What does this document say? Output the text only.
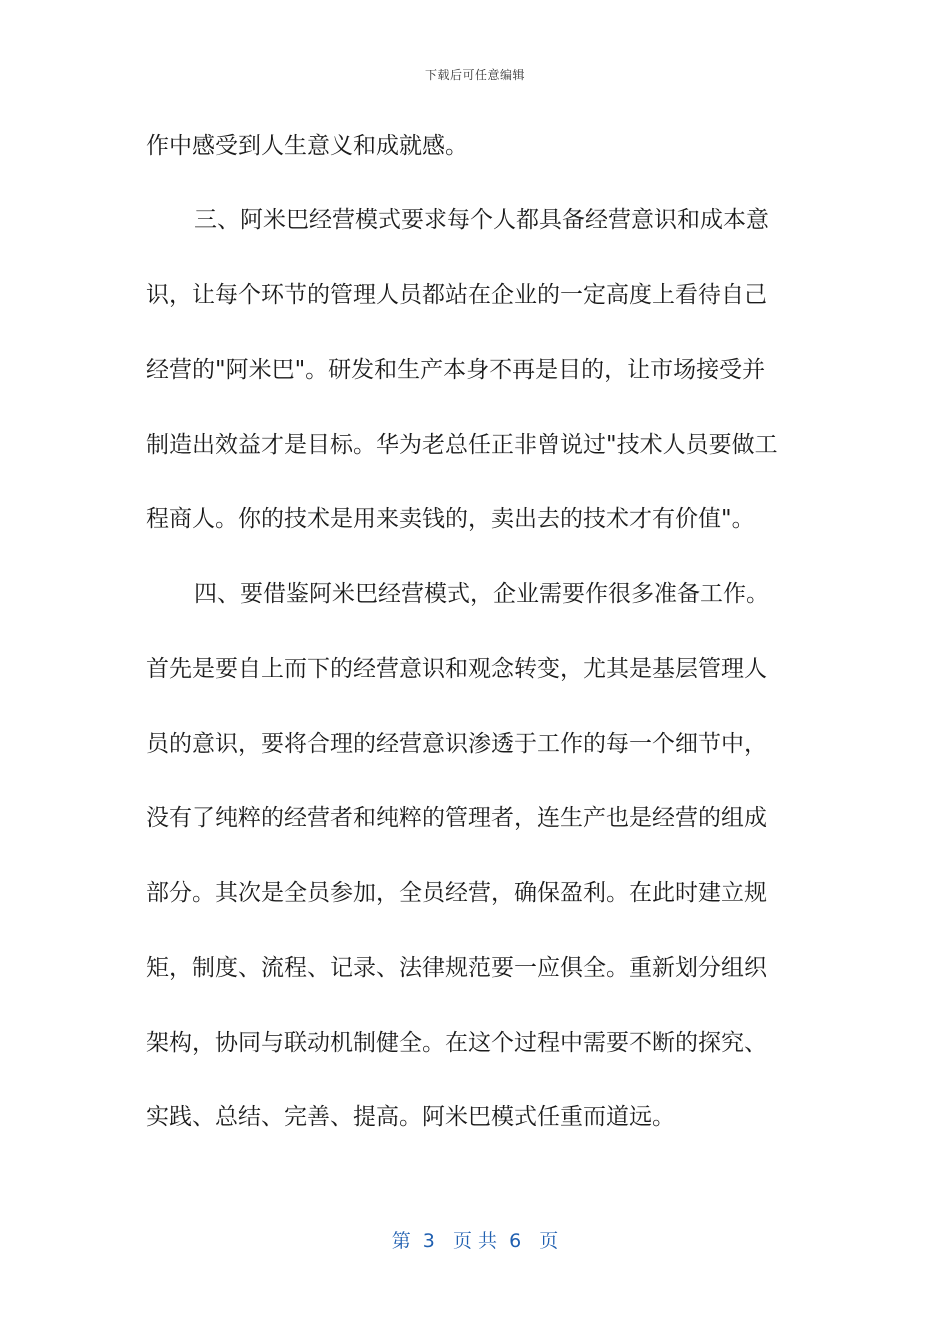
下载后可任意编辑
作中感受到人生意义和成就感。
三、阿米巴经营模式要求每个人都具备经营意识和成本意
识，让每个环节的管理人员都站在企业的一定高度上看待自己
经营的"阿米巴"。研发和生产本身不再是目的，让市场接受并
制造出效益才是目标。华为老总任正非曾说过"技术人员要做工
程商人。你的技术是用来卖钱的，卖出去的技术才有价值"。
四、要借鉴阿米巴经营模式，企业需要作很多准备工作。
首先是要自上而下的经营意识和观念转变，尤其是基层管理人
员的意识，要将合理的经营意识渗透于工作的每一个细节中，
没有了纯粹的经营者和纯粹的管理者，连生产也是经营的组成
部分。其次是全员参加，全员经营，确保盈利。在此时建立规
矩，制度、流程、记录、法律规范要一应俱全。重新划分组织
架构，协同与联动机制健全。在这个过程中需要不断的探究、
实践、总结、完善、提高。阿米巴模式任重而道远。
第  3   页 共  6   页
